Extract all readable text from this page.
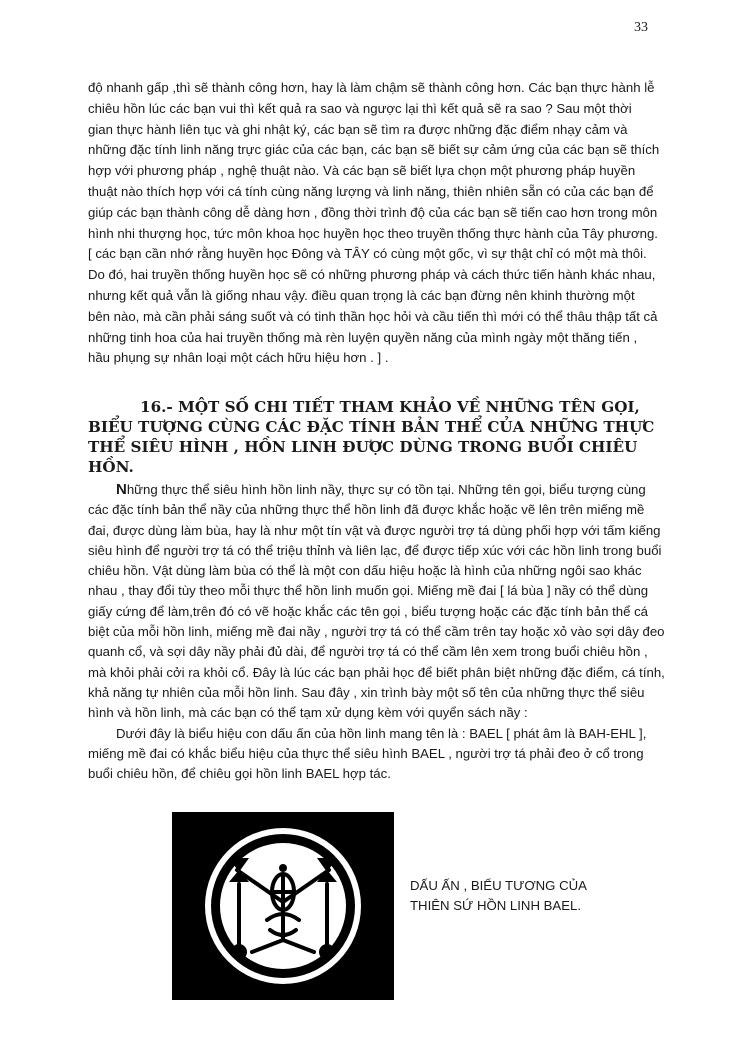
33

độ nhanh gấp ,thì sẽ thành công hơn, hay là làm chậm sẽ thành công hơn. Các bạn thực hành lễ chiêu hồn lúc các bạn vui thì kết quả ra sao và ngược lại thì kết quả sẽ ra sao ? Sau một thời gian thực hành liên tục và ghi nhật ký, các bạn sẽ tìm ra được những đặc điểm nhạy cảm và những đặc tính linh năng trực giác của các bạn, các bạn sẽ biết sự cảm ứng của các bạn sẽ thích hợp với phương pháp , nghệ thuật nào. Và các bạn sẽ biết lựa chọn một phương pháp huyền thuật nào thích hợp với cá tính cùng năng lượng và linh năng, thiên nhiên sẵn có của các bạn để giúp các bạn thành công dễ dàng hơn , đồng thời trình độ của các bạn sẽ tiến cao hơn trong môn hình nhi thượng học, tức môn khoa học huyền học theo truyền thống thực hành của Tây phương. [ các bạn cần nhớ rằng huyền học Đông và TÂY có cùng một gốc, vì sự thật chỉ có một mà thôi. Do đó, hai truyền thống huyền học sẽ có những phương pháp và cách thức tiến hành khác nhau, nhưng kết quả vẫn là giống nhau vậy. điều quan trọng là các bạn đừng nên khinh thường một bên nào, mà cần phải sáng suốt và có tinh thần học hỏi và cầu tiến thì mới có thể thâu thập tất cả những tinh hoa của hai truyền thống mà rèn luyện quyền năng của mình ngày một thăng tiến , hầu phụng sự nhân loại một cách hữu hiệu hơn . ] .

16.- MỘT SỐ CHI TIẾT THAM KHẢO VỀ NHỮNG TÊN GỌI, BIỂU TƯỢNG CÙNG CÁC ĐẶC TÍNH BẢN THỂ CỦA NHỮNG THỰC THỂ SIÊU HÌNH , HỒN LINH ĐƯỢC DÙNG TRONG BUỔI CHIÊU HỒN.

Những thực thể siêu hình hồn linh nầy, thực sự có tồn tại. Những tên gọi, biểu tượng cùng các đặc tính bản thể nầy của những thực thể hồn linh đã được khắc hoặc vẽ lên trên miếng mề đai, được dùng làm bùa, hay là như một tín vật và được người trợ tá dùng phối hợp với tấm kiếng siêu hình để người trợ tá có thể triệu thỉnh và liên lạc, để được tiếp xúc với các hồn linh trong buổi chiêu hồn. Vật dùng làm bùa có thể là một con dấu hiệu hoặc là hình của những ngôi sao khác nhau , thay đổi tùy theo mỗi thực thể hồn linh muốn gọi. Miếng mề đai [ lá bùa ] nầy có thể dùng giấy cứng để làm,trên đó có vẽ hoặc khắc các tên gọi , biểu tượng hoặc các đặc tính bản thể cá biệt của mỗi hồn linh, miếng mề đai nầy , người trợ tá có thể cầm trên tay hoặc xỏ vào sợi dây đeo quanh cổ, và sợi dây nầy phải đủ dài, để người trợ tá có thể cầm lên xem trong buổi chiêu hồn , mà khỏi phải cởi ra khỏi cổ. Đây là lúc các bạn phải học để biết phân biệt những đặc điểm, cá tính, khả năng tự nhiên của mỗi hồn linh. Sau đây , xin trình bày một số tên của những thực thể siêu hình và hồn linh, mà các bạn có thể tạm xử dụng kèm với quyển sách nầy :
Dưới đây là biểu hiệu con dấu ấn của hồn linh mang tên là : BAEL [ phát âm là BAH-EHL ], miếng mề đai có khắc biểu hiệu của thực thể siêu hình BAEL , người trợ tá phải đeo ở cổ trong buổi chiêu hồn, để chiêu gọi hồn linh BAEL hợp tác.

DẤU ẤN , BIỂU TƯƠNG CỦA
THIÊN SỨ HỒN LINH BAEL.
